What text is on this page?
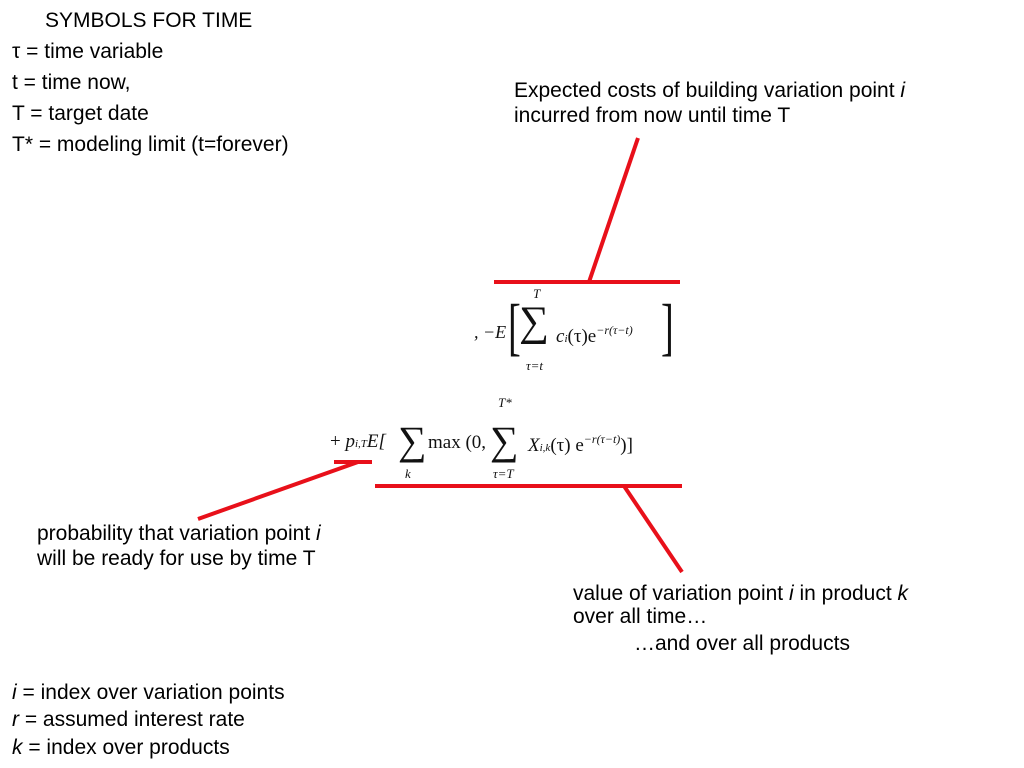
SYMBOLS FOR TIME
τ = time variable
t = time now,
T = target date
T* = modeling limit (t=forever)
Expected costs of building variation point i
incurred from now until time T
probability that variation point i
will be ready for use by time T
value of variation point i in product k
over all time…
…and over all products
i = index over variation points
r = assumed interest rate
k = index over products
, −E [ T
∑
τ=t
$ci(\tau)e^{-r(\tau-t)}$ ]
+ pi,TE[ ∑
k
max (0,
T*
∑
τ=T
Xi,k(τ) $e^{-r(\tau-t)}$)]
